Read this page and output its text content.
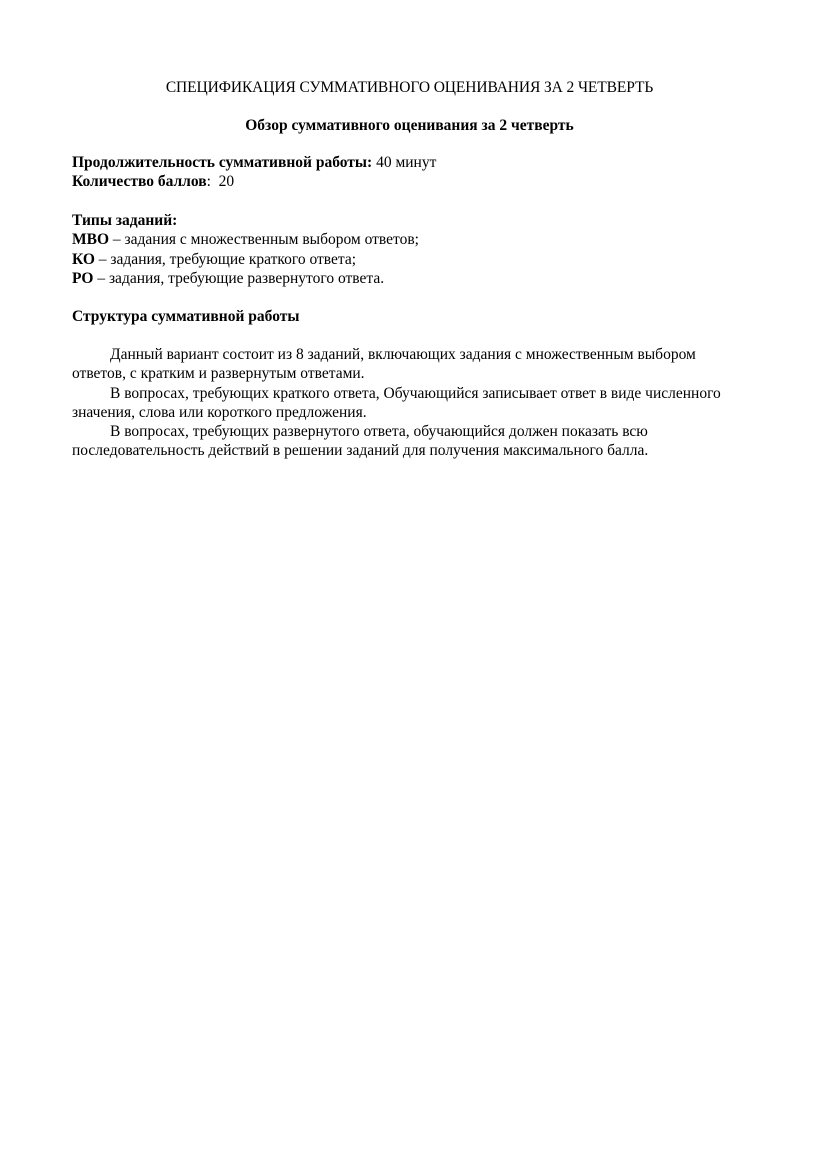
СПЕЦИФИКАЦИЯ СУММАТИВНОГО ОЦЕНИВАНИЯ ЗА 2 ЧЕТВЕРТЬ

Обзор суммативного оценивания за 2 четверть

Продолжительность суммативной работы: 40 минут
Количество баллов:  20
Типы заданий:
МВО – задания с множественным выбором ответов;
КО – задания, требующие краткого ответа;
РО – задания, требующие развернутого ответа.
Структура суммативной работы

Данный вариант состоит из 8 заданий, включающих задания с множественным выбором ответов, с кратким и развернутым ответами.

В вопросах, требующих краткого ответа, Обучающийся записывает ответ в виде численного значения, слова или короткого предложения.

В вопросах, требующих развернутого ответа, обучающийся должен показать всю последовательность действий в решении заданий для получения максимального балла.
